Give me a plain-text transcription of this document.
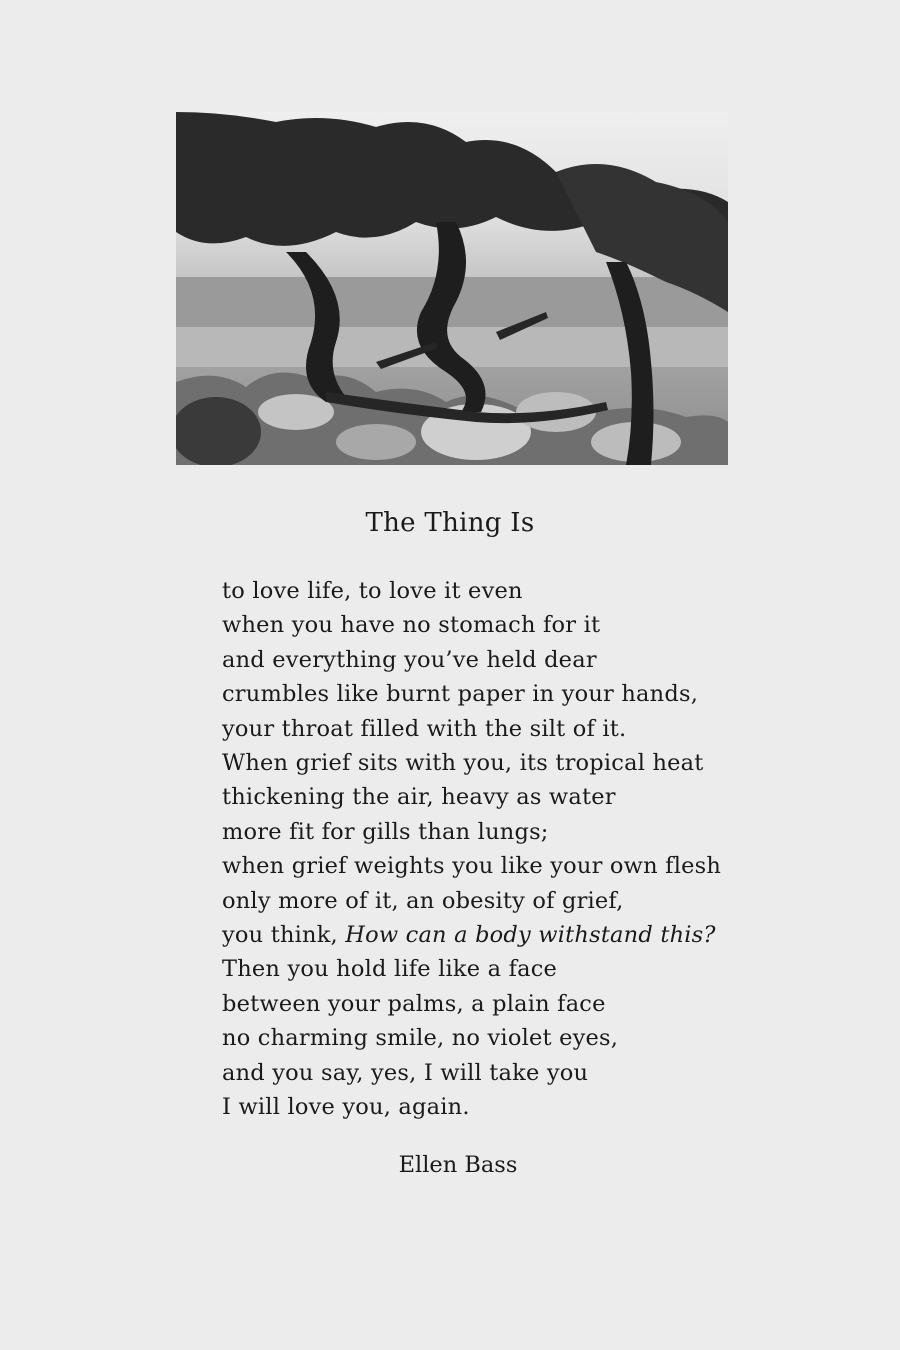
The Thing Is
to love life, to love it even
when you have no stomach for it
and everything you’ve held dear
crumbles like burnt paper in your hands,
your throat filled with the silt of it.
When grief sits with you, its tropical heat
thickening the air, heavy as water
more fit for gills than lungs;
when grief weights you like your own flesh
only more of it, an obesity of grief,
you think, How can a body withstand this?
Then you hold life like a face
between your palms, a plain face
no charming smile, no violet eyes,
and you say, yes, I will take you
I will love you, again.
Ellen Bass
